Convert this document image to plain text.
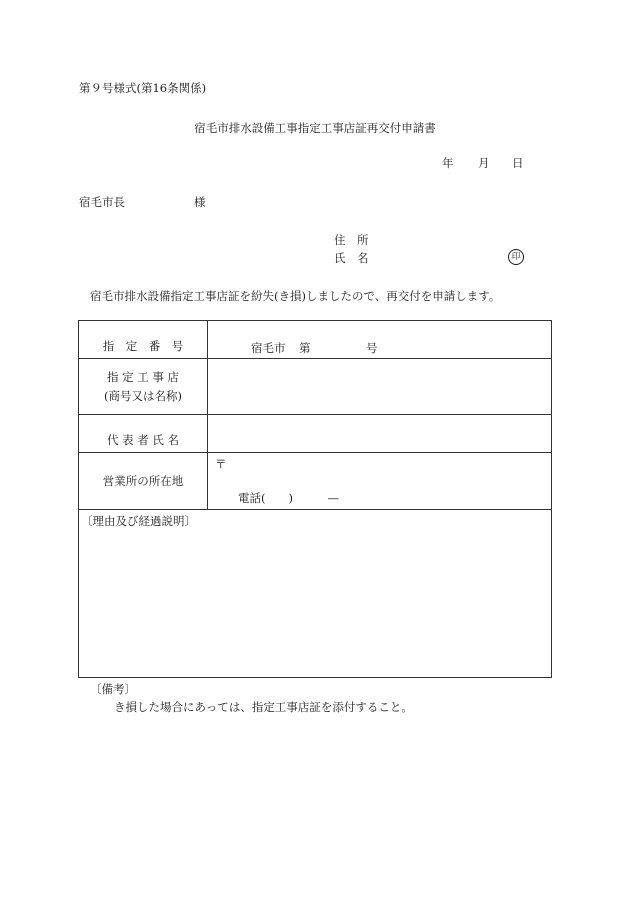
第９号様式(第16条関係)
宿毛市排水設備工事指定工事店証再交付申請書
年 月 日
宿毛市長	様
住　所
氏　名	印
宿毛市排水設備指定工事店証を紛失(き損)しましたので、再交付を申請します。
指　定　番　号	宿毛市 第 号

指 定 工 事 店
(商号又は名称)	

代 表 者 氏 名	

営業所の所在地	〒
電話(　　)　　　—

〔理由及び経過説明〕	
〔備考〕
き損した場合にあっては、指定工事店証を添付すること。
